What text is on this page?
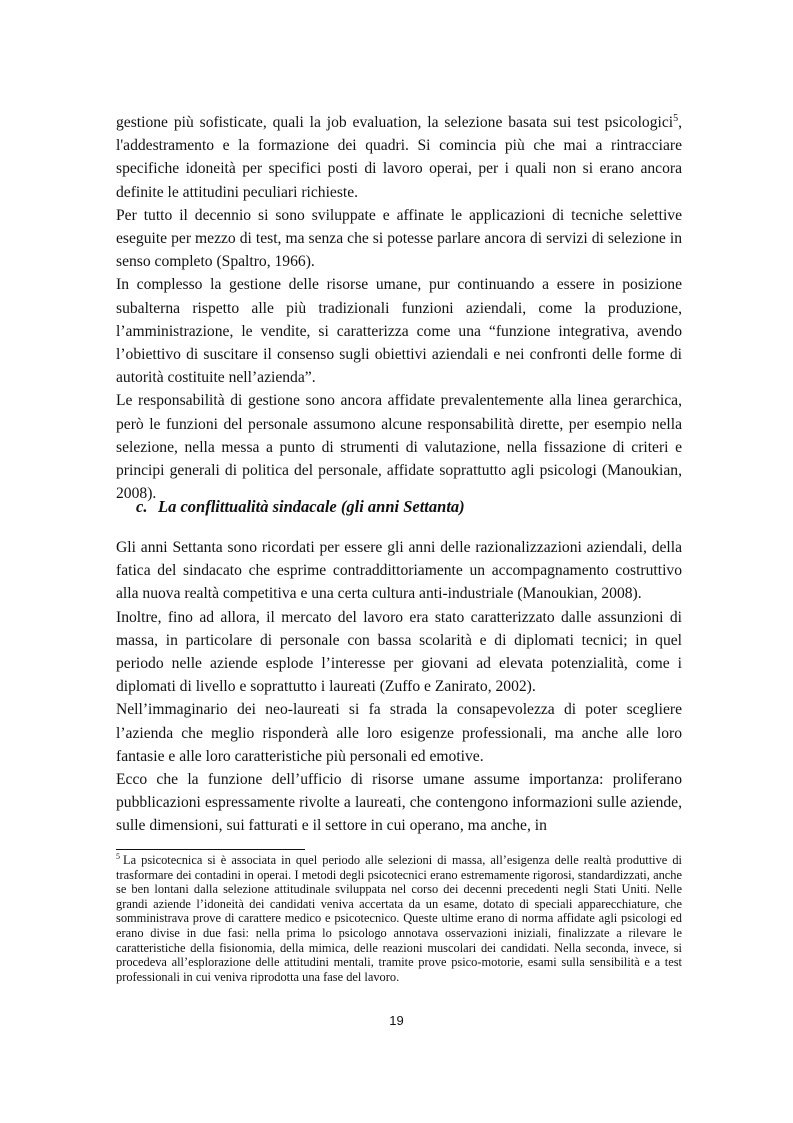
gestione più sofisticate, quali la job evaluation, la selezione basata sui test psicologici$^5$, l'addestramento e la formazione dei quadri. Si comincia più che mai a rintracciare specifiche idoneità per specifici posti di lavoro operai, per i quali non si erano ancora definite le attitudini peculiari richieste.

Per tutto il decennio si sono sviluppate e affinate le applicazioni di tecniche selettive eseguite per mezzo di test, ma senza che si potesse parlare ancora di servizi di selezione in senso completo (Spaltro, 1966).

In complesso la gestione delle risorse umane, pur continuando a essere in posizione subalterna rispetto alle più tradizionali funzioni aziendali, come la produzione, l’amministrazione, le vendite, si caratterizza come una “funzione integrativa, avendo l’obiettivo di suscitare il consenso sugli obiettivi aziendali e nei confronti delle forme di autorità costituite nell’azienda”.

Le responsabilità di gestione sono ancora affidate prevalentemente alla linea gerarchica, però le funzioni del personale assumono alcune responsabilità dirette, per esempio nella selezione, nella messa a punto di strumenti di valutazione, nella fissazione di criteri e principi generali di politica del personale, affidate soprattutto agli psicologi (Manoukian, 2008).

c. La conflittualità sindacale (gli anni Settanta)

Gli anni Settanta sono ricordati per essere gli anni delle razionalizzazioni aziendali, della fatica del sindacato che esprime contraddittoriamente un accompagnamento costruttivo alla nuova realtà competitiva e una certa cultura anti-industriale (Manoukian, 2008).

Inoltre, fino ad allora, il mercato del lavoro era stato caratterizzato dalle assunzioni di massa, in particolare di personale con bassa scolarità e di diplomati tecnici; in quel periodo nelle aziende esplode l’interesse per giovani ad elevata potenzialità, come i diplomati di livello e soprattutto i laureati (Zuffo e Zanirato, 2002).

Nell’immaginario dei neo-laureati si fa strada la consapevolezza di poter scegliere l’azienda che meglio risponderà alle loro esigenze professionali, ma anche alle loro fantasie e alle loro caratteristiche più personali ed emotive.

Ecco che la funzione dell’ufficio di risorse umane assume importanza: proliferano pubblicazioni espressamente rivolte a laureati, che contengono informazioni sulle aziende, sulle dimensioni, sui fatturati e il settore in cui operano, ma anche, in

$^5$ La psicotecnica si è associata in quel periodo alle selezioni di massa, all’esigenza delle realtà produttive di trasformare dei contadini in operai. I metodi degli psicotecnici erano estremamente rigorosi, standardizzati, anche se ben lontani dalla selezione attitudinale sviluppata nel corso dei decenni precedenti negli Stati Uniti. Nelle grandi aziende l’idoneità dei candidati veniva accertata da un esame, dotato di speciali apparecchiature, che somministrava prove di carattere medico e psicotecnico. Queste ultime erano di norma affidate agli psicologi ed erano divise in due fasi: nella prima lo psicologo annotava osservazioni iniziali, finalizzate a rilevare le caratteristiche della fisionomia, della mimica, delle reazioni muscolari dei candidati. Nella seconda, invece, si procedeva all’esplorazione delle attitudini mentali, tramite prove psico-motorie, esami sulla sensibilità e a test professionali in cui veniva riprodotta una fase del lavoro.

19
